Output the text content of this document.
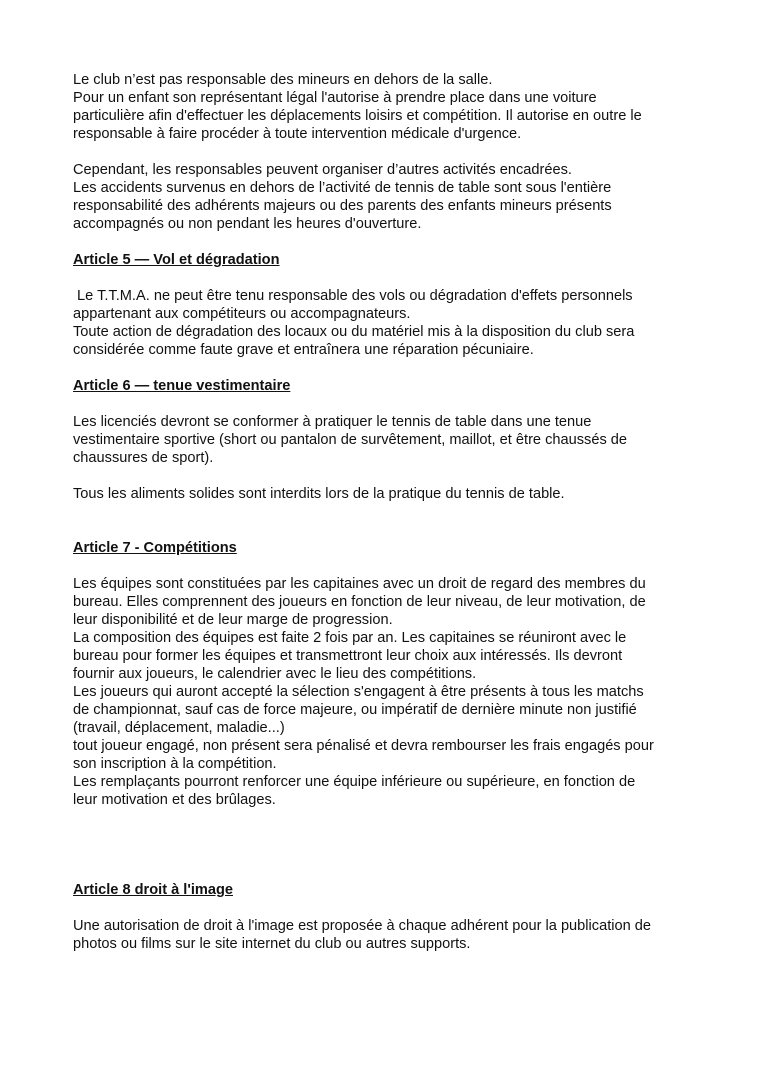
Le club n’est pas responsable des mineurs en dehors de la salle.
Pour un enfant son représentant légal l'autorise à prendre place dans une voiture
particulière afin d'effectuer les déplacements loisirs et compétition. Il autorise en outre le
responsable à faire procéder à toute intervention médicale d'urgence.
Cependant, les responsables peuvent organiser d’autres activités encadrées.
Les accidents survenus en dehors de l’activité de tennis de table sont sous l'entière
responsabilité des adhérents majeurs ou des parents des enfants mineurs présents
accompagnés ou non pendant les heures d'ouverture.
Article 5 — Vol et dégradation
Le T.T.M.A. ne peut être tenu responsable des vols ou dégradation d'effets personnels
appartenant aux compétiteurs ou accompagnateurs.
Toute action de dégradation des locaux ou du matériel mis à la disposition du club sera
considérée comme faute grave et entraînera une réparation pécuniaire.
Article 6 — tenue vestimentaire
Les licenciés devront se conformer à pratiquer le tennis de table dans une tenue
vestimentaire sportive (short ou pantalon de survêtement, maillot, et être chaussés de
chaussures de sport).
Tous les aliments solides sont interdits lors de la pratique du tennis de table.
Article 7 - Compétitions
Les équipes sont constituées par les capitaines avec un droit de regard des membres du
bureau. Elles comprennent des joueurs en fonction de leur niveau, de leur motivation, de
leur disponibilité et de leur marge de progression.
La composition des équipes est faite 2 fois par an. Les capitaines se réuniront avec le
bureau pour former les équipes et transmettront leur choix aux intéressés. Ils devront
fournir aux joueurs, le calendrier avec le lieu des compétitions.
Les joueurs qui auront accepté la sélection s'engagent à être présents à tous les matchs
de championnat, sauf cas de force majeure, ou impératif de dernière minute non justifié
(travail, déplacement, maladie...)
tout joueur engagé, non présent sera pénalisé et devra rembourser les frais engagés pour
son inscription à la compétition.
Les remplaçants pourront renforcer une équipe inférieure ou supérieure, en fonction de
leur motivation et des brûlages.
Article 8 droit à l'image
Une autorisation de droit à l'image est proposée à chaque adhérent pour la publication de
photos ou films sur le site internet du club ou autres supports.
